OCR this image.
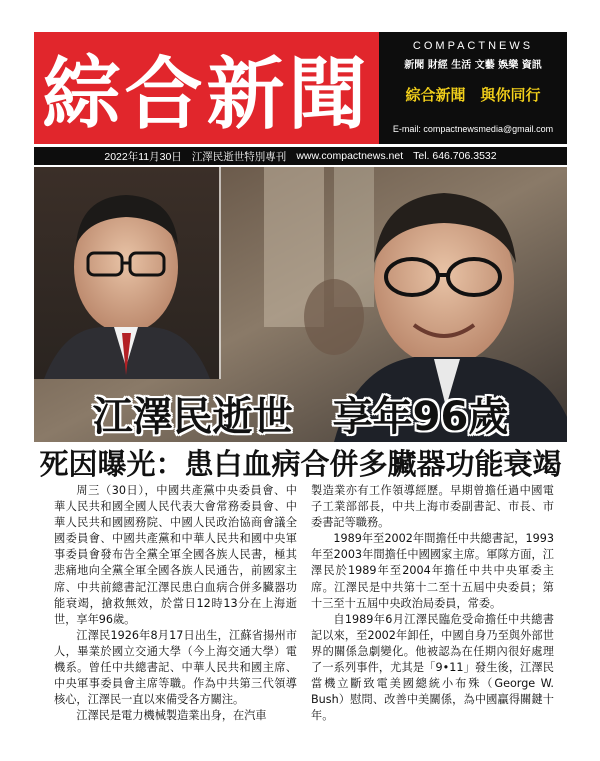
綜合新聞
COMPACTNEWS
新聞 財經 生活 文藝 娛樂 資訊
綜合新聞　與你同行
E-mail: compactnewsmedia@gmail.com
2022年11月30日 江澤民逝世特別專刊 www.compactnews.net Tel. 646.706.3532
江澤民逝世 享年96歲
死因曝光：患白血病合併多臟器功能衰竭

周三（30日），中國共產黨中央委員會、中華人民共和國全國人民代表大會常務委員會、中華人民共和國國務院、中國人民政治協商會議全國委員會、中國共產黨和中華人民共和國中央軍事委員會發布告全黨全軍全國各族人民書，極其悲痛地向全黨全軍全國各族人民通告，前國家主席、中共前總書記江澤民患白血病合併多臟器功能衰竭，搶救無效，於當日12時13分在上海逝世，享年96歲。

江澤民1926年8月17日出生，江蘇省揚州市人，畢業於國立交通大學（今上海交通大學）電機系。曾任中共總書記、中華人民共和國主席、中央軍事委員會主席等職。作為中共第三代領導核心，江澤民一直以來備受各方關注。

江澤民是電力機械製造業出身，在汽車

製造業亦有工作領導經歷。早期曾擔任過中國電子工業部部長，中共上海市委副書記、市長、市委書記等職務。

1989年至2002年間擔任中共總書記，1993年至2003年間擔任中國國家主席。軍隊方面，江澤民於1989年至2004年擔任中共中央軍委主席。江澤民是中共第十二至十五屆中央委員；第十三至十五屆中央政治局委員，常委。

自1989年6月江澤民臨危受命擔任中共總書記以來，至2002年卸任，中國自身乃至與外部世界的關係急劇變化。他被認為在任期內很好處理了一系列事件，尤其是「9•11」發生後，江澤民當機立斷致電美國總統小布殊（George W. Bush）慰問、改善中美關係，為中國贏得關鍵十年。
